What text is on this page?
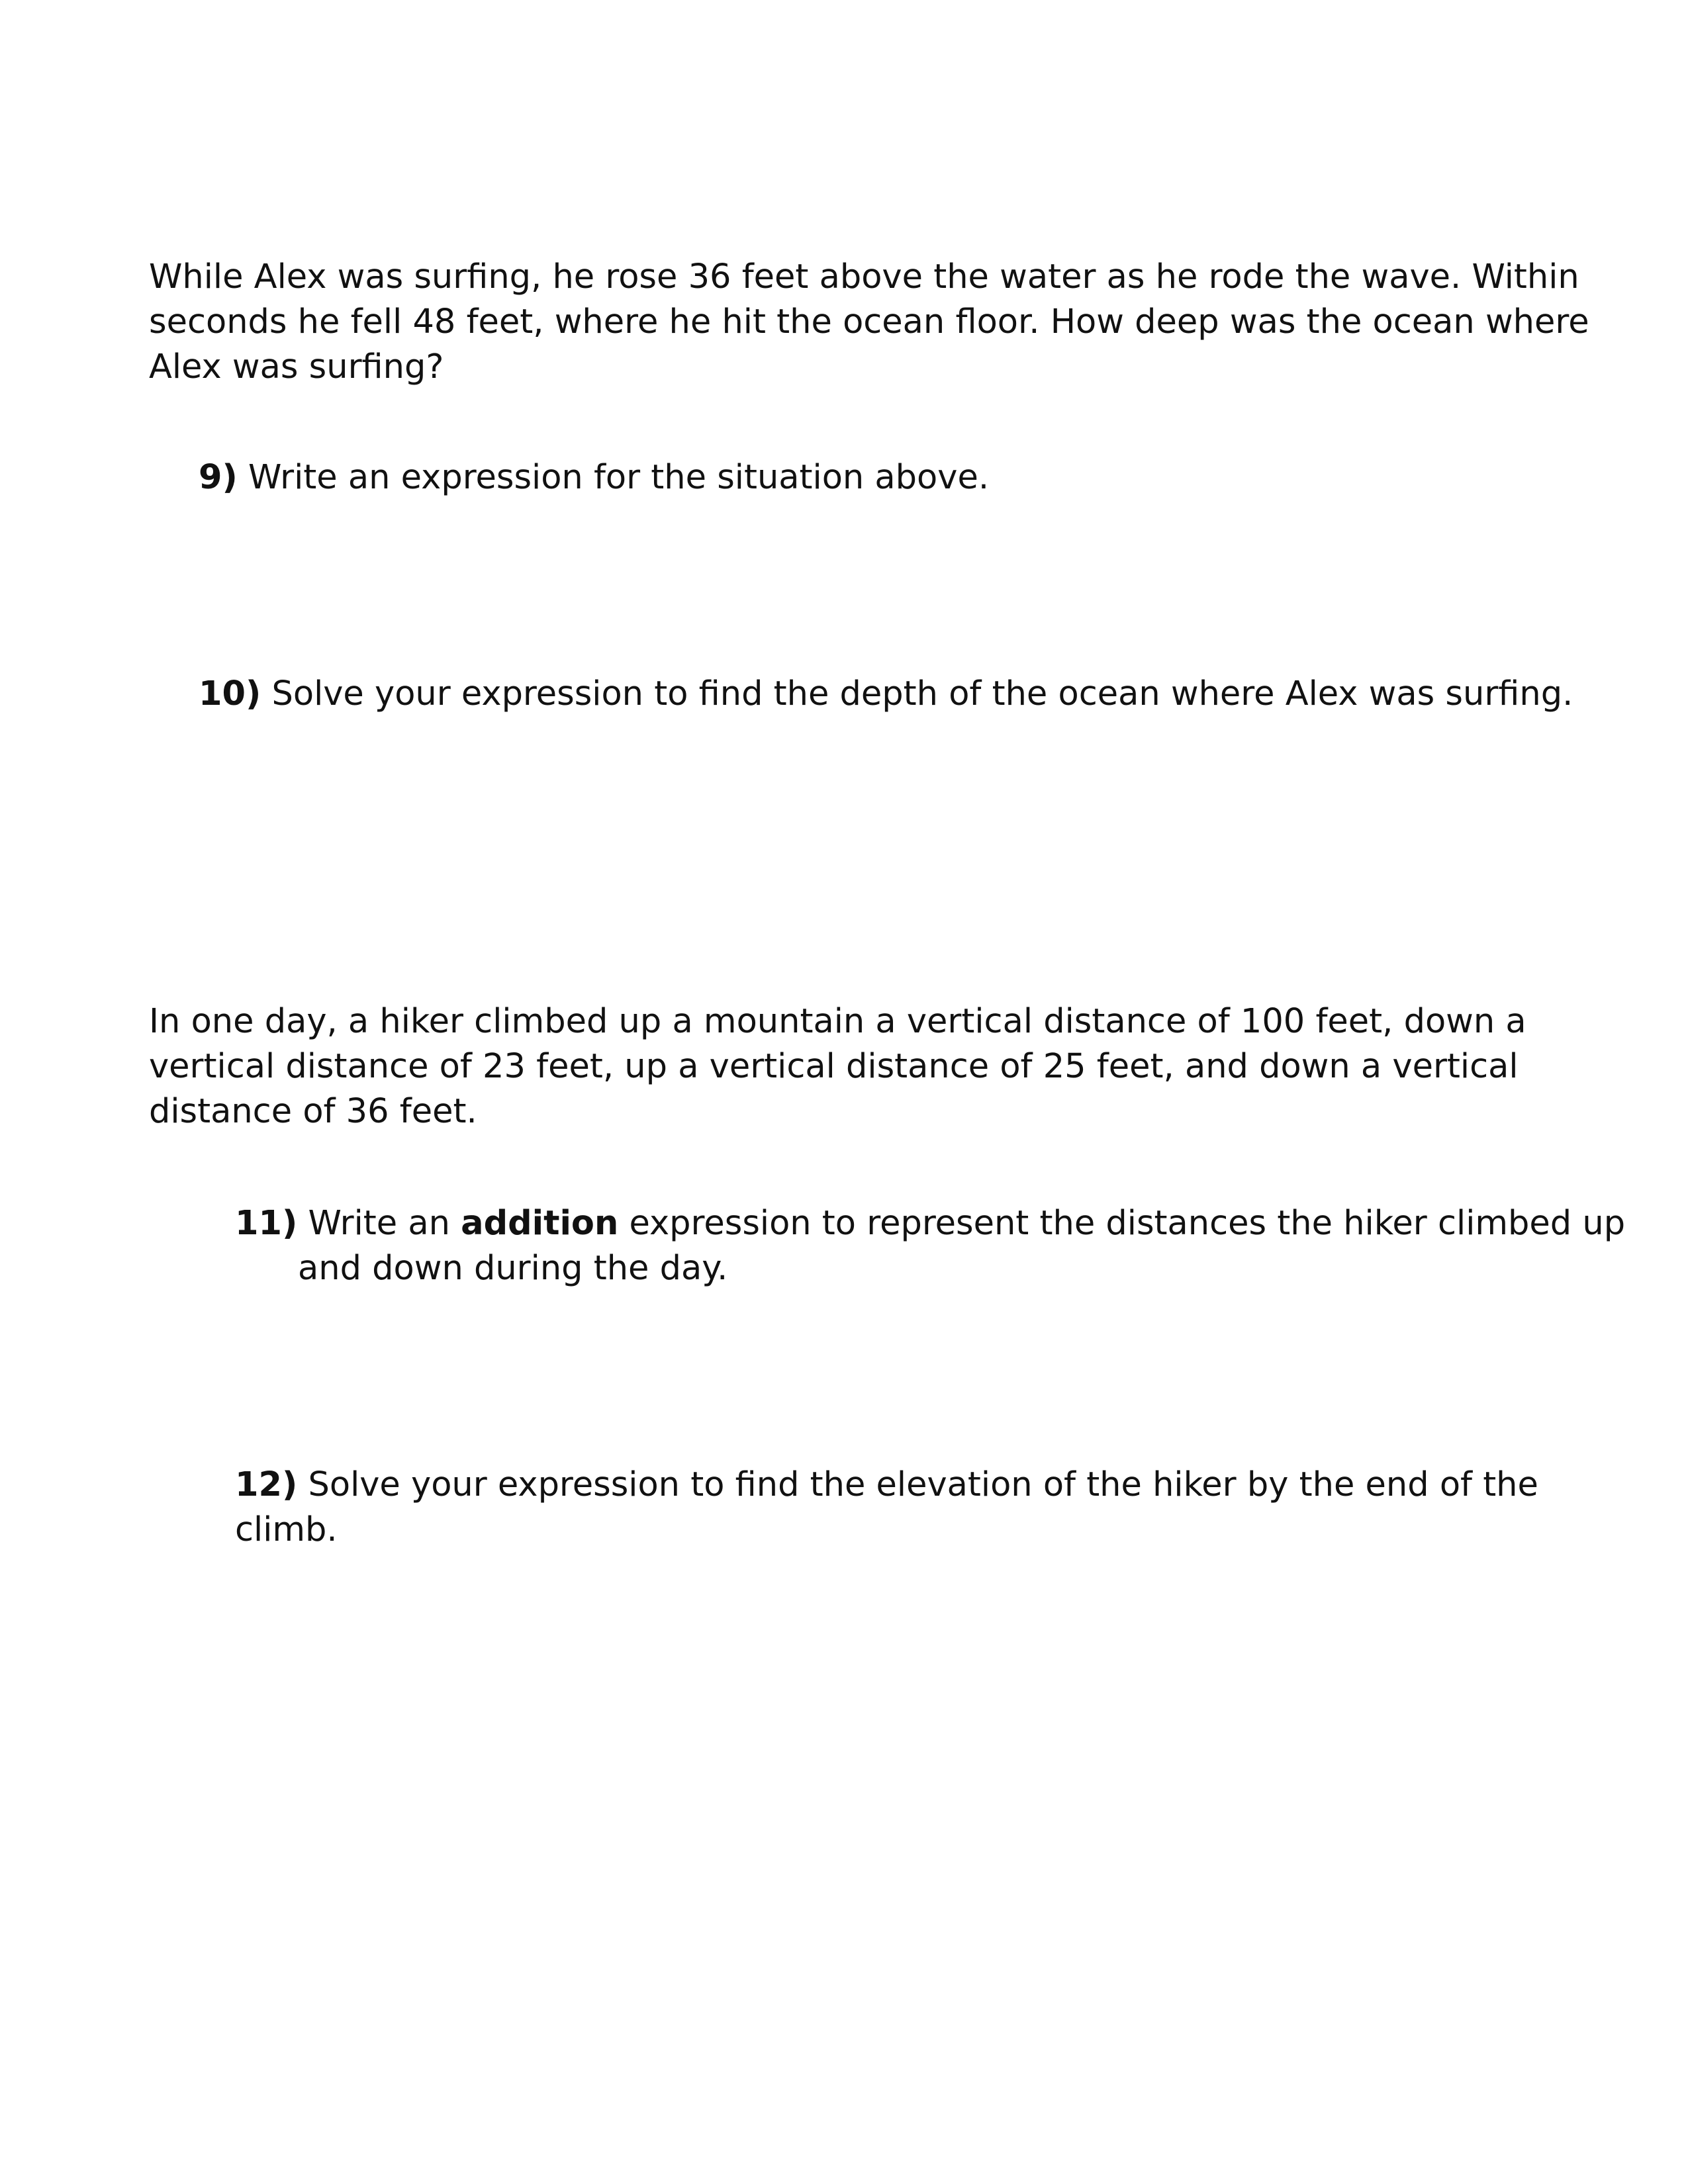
While Alex was surfing, he rose 36 feet above the water as he rode the wave. Within seconds he fell 48 feet, where he hit the ocean floor. How deep was the ocean where Alex was surfing?

9) Write an expression for the situation above.

10) Solve your expression to find the depth of the ocean where Alex was surfing.

In one day, a hiker climbed up a mountain a vertical distance of 100 feet, down a vertical distance of 23 feet, up a vertical distance of 25 feet, and down a vertical distance of 36 feet.

11) Write an addition expression to represent the distances the hiker climbed up and down during the day.

12) Solve your expression to find the elevation of the hiker by the end of the climb.
